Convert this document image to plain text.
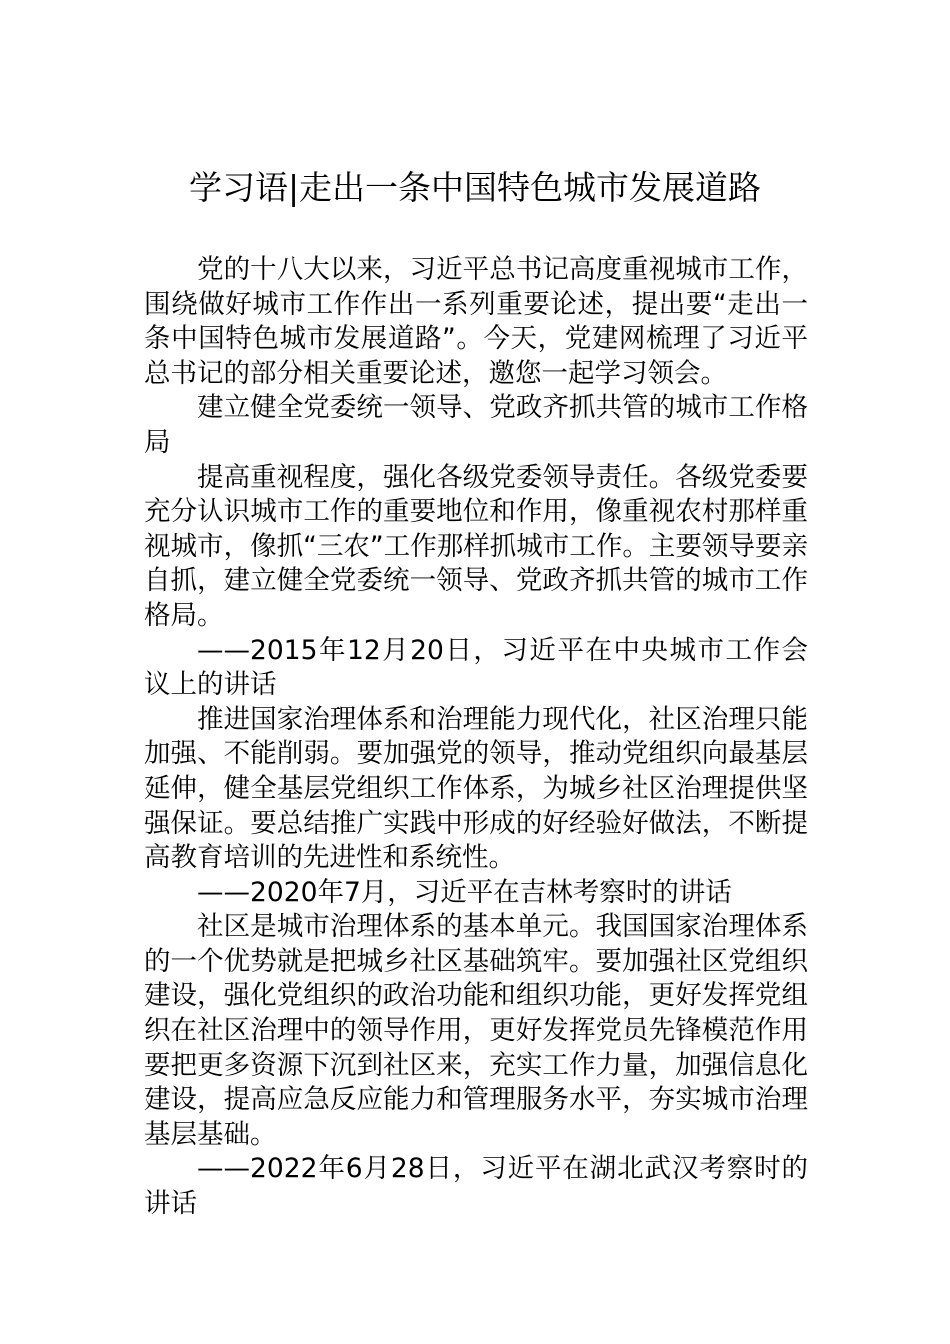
学习语|走出一条中国特色城市发展道路

党的十八大以来，习近平总书记高度重视城市工作，围绕做好城市工作作出一系列重要论述，提出要“走出一条中国特色城市发展道路”。今天，党建网梳理了习近平总书记的部分相关重要论述，邀您一起学习领会。

建立健全党委统一领导、党政齐抓共管的城市工作格局

提高重视程度，强化各级党委领导责任。各级党委要充分认识城市工作的重要地位和作用，像重视农村那样重视城市，像抓“三农”工作那样抓城市工作。主要领导要亲自抓，建立健全党委统一领导、党政齐抓共管的城市工作格局。

——2015年12月20日，习近平在中央城市工作会议上的讲话

推进国家治理体系和治理能力现代化，社区治理只能加强、不能削弱。要加强党的领导，推动党组织向最基层延伸，健全基层党组织工作体系，为城乡社区治理提供坚强保证。要总结推广实践中形成的好经验好做法，不断提高教育培训的先进性和系统性。

——2020年7月，习近平在吉林考察时的讲话

社区是城市治理体系的基本单元。我国国家治理体系的一个优势就是把城乡社区基础筑牢。要加强社区党组织建设，强化党组织的政治功能和组织功能，更好发挥党组织在社区治理中的领导作用，更好发挥党员先锋模范作用要把更多资源下沉到社区来，充实工作力量，加强信息化建设，提高应急反应能力和管理服务水平，夯实城市治理基层基础。

——2022年6月28日，习近平在湖北武汉考察时的讲话
